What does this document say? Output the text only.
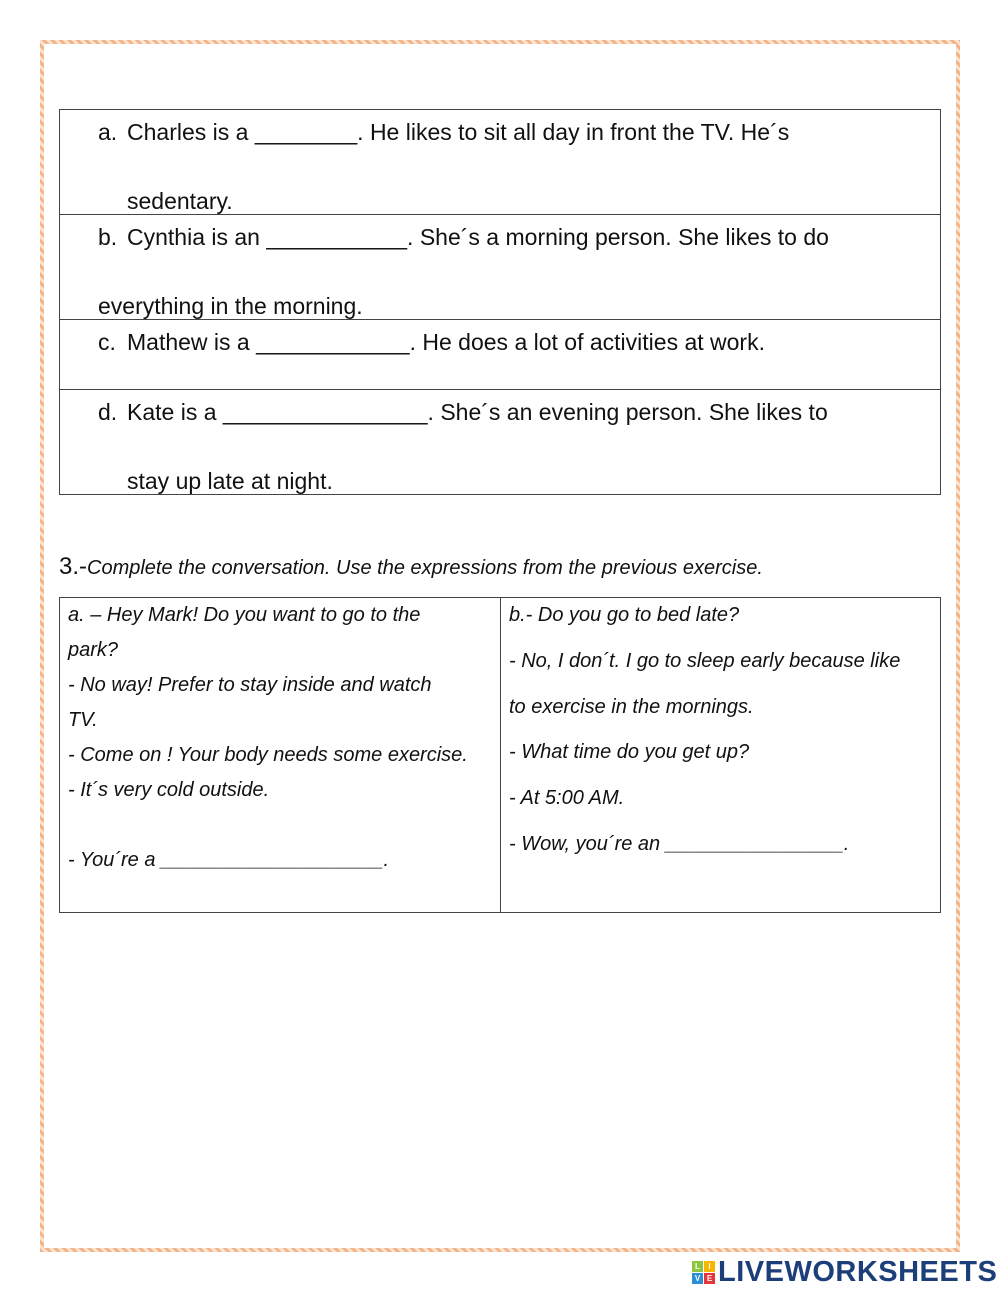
a. Charles is a ________. He likes to sit all day in front the TV. He´s
sedentary.

b. Cynthia is an ___________. She´s a morning person. She likes to do
everything in the morning.

c. Mathew is a ____________. He does a lot of activities at work.

d. Kate is a ________________. She´s an evening person. She likes to
stay up late at night.
3.-Complete the conversation. Use the expressions from the previous exercise.
a. – Hey Mark! Do you want to go to the
park?
- No way! Prefer to stay inside and watch
TV.
- Come on ! Your body needs some exercise.
- It´s very cold outside.
- You´re a ____________________.
b.- Do you go to bed late?
- No, I don´t. I go to sleep early because like
to exercise in the mornings.
- What time do you get up?
- At 5:00 AM.
- Wow, you´re an ________________.
L	I
V E LIVEWORKSHEETS
